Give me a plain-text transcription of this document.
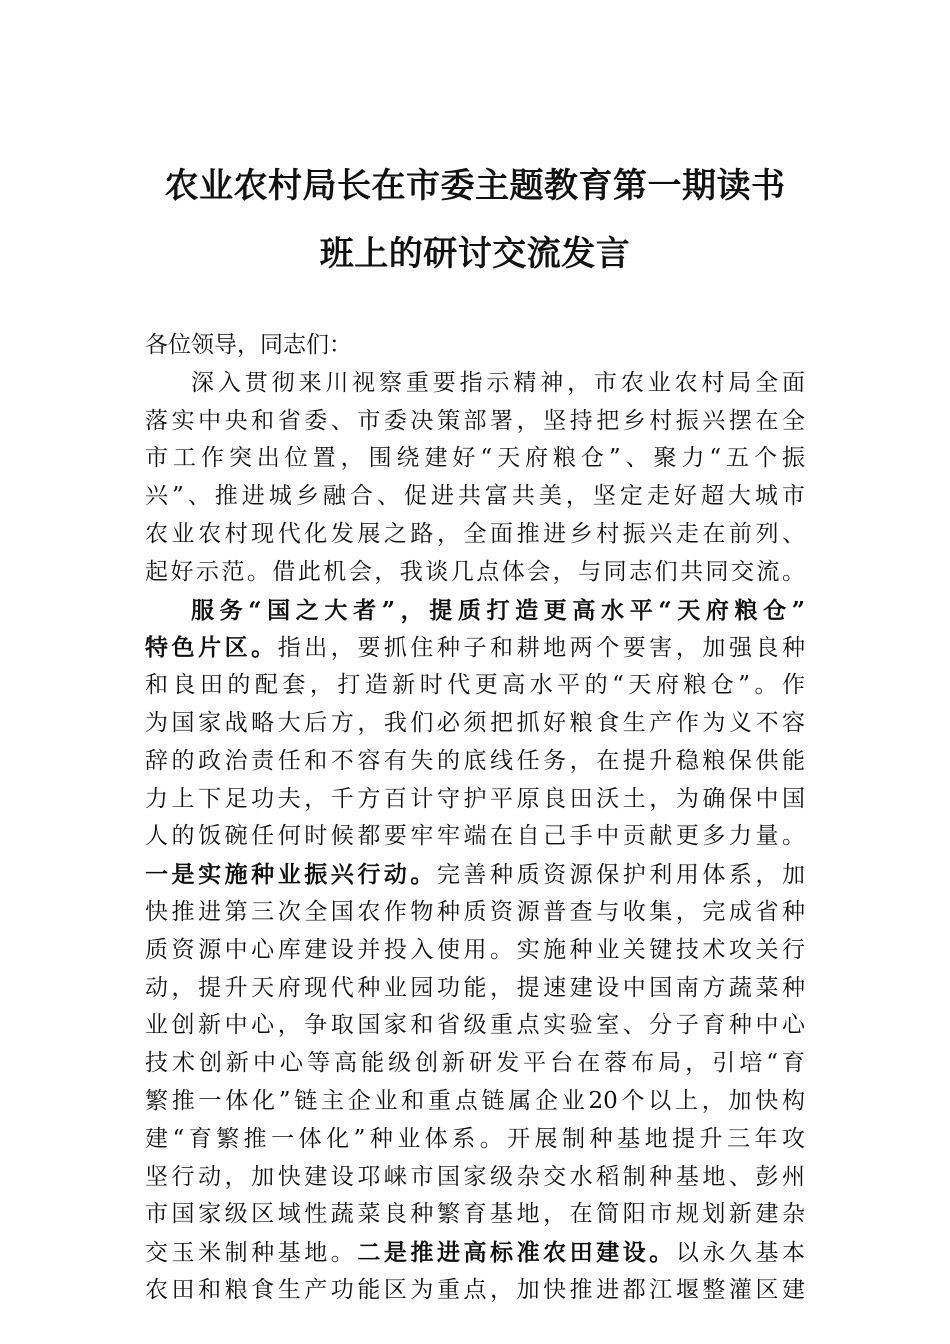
农业农村局长在市委主题教育第一期读书
班上的研讨交流发言
各位领导，同志们：
深入贯彻来川视察重要指示精神，市农业农村局全面
落实中央和省委、市委决策部署，坚持把乡村振兴摆在全
市工作突出位置，围绕建好“天府粮仓”、聚力“五个振
兴”、推进城乡融合、促进共富共美，坚定走好超大城市
农业农村现代化发展之路，全面推进乡村振兴走在前列、
起好示范。借此机会，我谈几点体会，与同志们共同交流。
服务“国之大者”，提质打造更高水平“天府粮仓”
特色片区。指出，要抓住种子和耕地两个要害，加强良种
和良田的配套，打造新时代更高水平的“天府粮仓”。作
为国家战略大后方，我们必须把抓好粮食生产作为义不容
辞的政治责任和不容有失的底线任务，在提升稳粮保供能
力上下足功夫，千方百计守护平原良田沃土，为确保中国
人的饭碗任何时候都要牢牢端在自己手中贡献更多力量。
一是实施种业振兴行动。完善种质资源保护利用体系，加
快推进第三次全国农作物种质资源普查与收集，完成省种
质资源中心库建设并投入使用。实施种业关键技术攻关行
动，提升天府现代种业园功能，提速建设中国南方蔬菜种
业创新中心，争取国家和省级重点实验室、分子育种中心
技术创新中心等高能级创新研发平台在蓉布局，引培“育
繁推一体化”链主企业和重点链属企业20个以上，加快构
建“育繁推一体化”种业体系。开展制种基地提升三年攻
坚行动，加快建设邛崃市国家级杂交水稻制种基地、彭州
市国家级区域性蔬菜良种繁育基地，在简阳市规划新建杂
交玉米制种基地。二是推进高标准农田建设。以永久基本
农田和粮食生产功能区为重点，加快推进都江堰整灌区建
